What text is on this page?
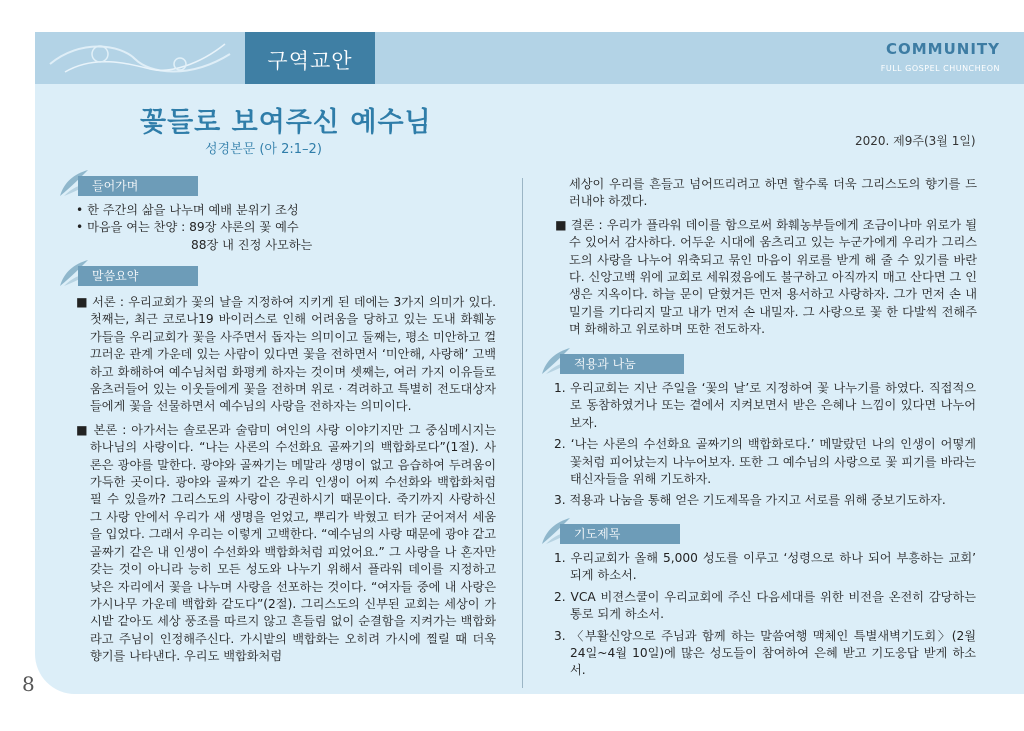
구역교안	COMMUNITY
FULL GOSPEL CHUNCHEON
꽃들로 보여주신 예수님
성경본문 (아 2:1–2)
2020. 제9주(3월 1일)
들어가며
• 한 주간의 삶을 나누며 예배 분위기 조성
• 마음을 여는 찬양 : 89장 샤론의 꽃 예수
88장 내 진정 사모하는
말씀요약

■ 서론 : 우리교회가 꽃의 날을 지정하여 지키게 된 데에는 3가지 의미가 있다. 첫째는, 최근 코로나19 바이러스로 인해 어려움을 당하고 있는 도내 화훼농가들을 우리교회가 꽃을 사주면서 돕자는 의미이고 둘째는, 평소 미안하고 껄끄러운 관계 가운데 있는 사람이 있다면 꽃을 전하면서 ‘미안해, 사랑해’ 고백하고 화해하여 예수님처럼 화평케 하자는 것이며 셋째는, 여러 가지 이유들로 움츠러들어 있는 이웃들에게 꽃을 전하며 위로 · 격려하고 특별히 전도대상자들에게 꽃을 선물하면서 예수님의 사랑을 전하자는 의미이다.

■ 본론 : 아가서는 솔로몬과 술람미 여인의 사랑 이야기지만 그 중심메시지는 하나님의 사랑이다. “나는 사론의 수선화요 골짜기의 백합화로다”(1절). 사론은 광야를 말한다. 광야와 골짜기는 메말라 생명이 없고 음습하여 두려움이 가득한 곳이다. 광야와 골짜기 같은 우리 인생이 어찌 수선화와 백합화처럼 필 수 있을까? 그리스도의 사랑이 강권하시기 때문이다. 죽기까지 사랑하신 그 사랑 안에서 우리가 새 생명을 얻었고, 뿌리가 박혔고 터가 굳어져서 세움을 입었다. 그래서 우리는 이렇게 고백한다. “예수님의 사랑 때문에 광야 같고 골짜기 같은 내 인생이 수선화와 백합화처럼 피었어요.” 그 사랑을 나 혼자만 갖는 것이 아니라 능히 모든 성도와 나누기 위해서 플라워 데이를 지정하고 낮은 자리에서 꽃을 나누며 사랑을 선포하는 것이다. “여자들 중에 내 사랑은 가시나무 가운데 백합화 같도다”(2절). 그리스도의 신부된 교회는 세상이 가시밭 같아도 세상 풍조를 따르지 않고 흔들림 없이 순결함을 지켜가는 백합화라고 주님이 인정해주신다. 가시밭의 백합화는 오히려 가시에 찔릴 때 더욱 향기를 나타낸다. 우리도 백합화처럼

세상이 우리를 흔들고 넘어뜨리려고 하면 할수록 더욱 그리스도의 향기를 드러내야 하겠다.

■ 결론 : 우리가 플라워 데이를 함으로써 화훼농부들에게 조금이나마 위로가 될 수 있어서 감사하다. 어두운 시대에 움츠리고 있는 누군가에게 우리가 그리스도의 사랑을 나누어 위축되고 묶인 마음이 위로를 받게 해 줄 수 있기를 바란다. 신앙고백 위에 교회로 세워졌음에도 불구하고 아직까지 매고 산다면 그 인생은 지옥이다. 하늘 문이 닫혔거든 먼저 용서하고 사랑하자. 그가 먼저 손 내밀기를 기다리지 말고 내가 먼저 손 내밀자. 그 사랑으로 꽃 한 다발씩 전해주며 화해하고 위로하며 또한 전도하자.

적용과 나눔

1. 우리교회는 지난 주일을 ‘꽃의 날’로 지정하여 꽃 나누기를 하였다. 직접적으로 동참하였거나 또는 곁에서 지켜보면서 받은 은혜나 느낌이 있다면 나누어보자.

2. ‘나는 사론의 수선화요 골짜기의 백합화로다.’ 메말랐던 나의 인생이 어떻게 꽃처럼 피어났는지 나누어보자. 또한 그 예수님의 사랑으로 꽃 피기를 바라는 태신자들을 위해 기도하자.

3. 적용과 나눔을 통해 얻은 기도제목을 가지고 서로를 위해 중보기도하자.

기도제목

1. 우리교회가 올해 5,000 성도를 이루고 ‘성령으로 하나 되어 부흥하는 교회’ 되게 하소서.

2. VCA 비젼스쿨이 우리교회에 주신 다음세대를 위한 비전을 온전히 감당하는 통로 되게 하소서.

3. 〈부활신앙으로 주님과 함께 하는 말씀여행 맥체인 특별새벽기도회〉(2월 24일~4월 10일)에 많은 성도들이 참여하여 은혜 받고 기도응답 받게 하소서.

8
